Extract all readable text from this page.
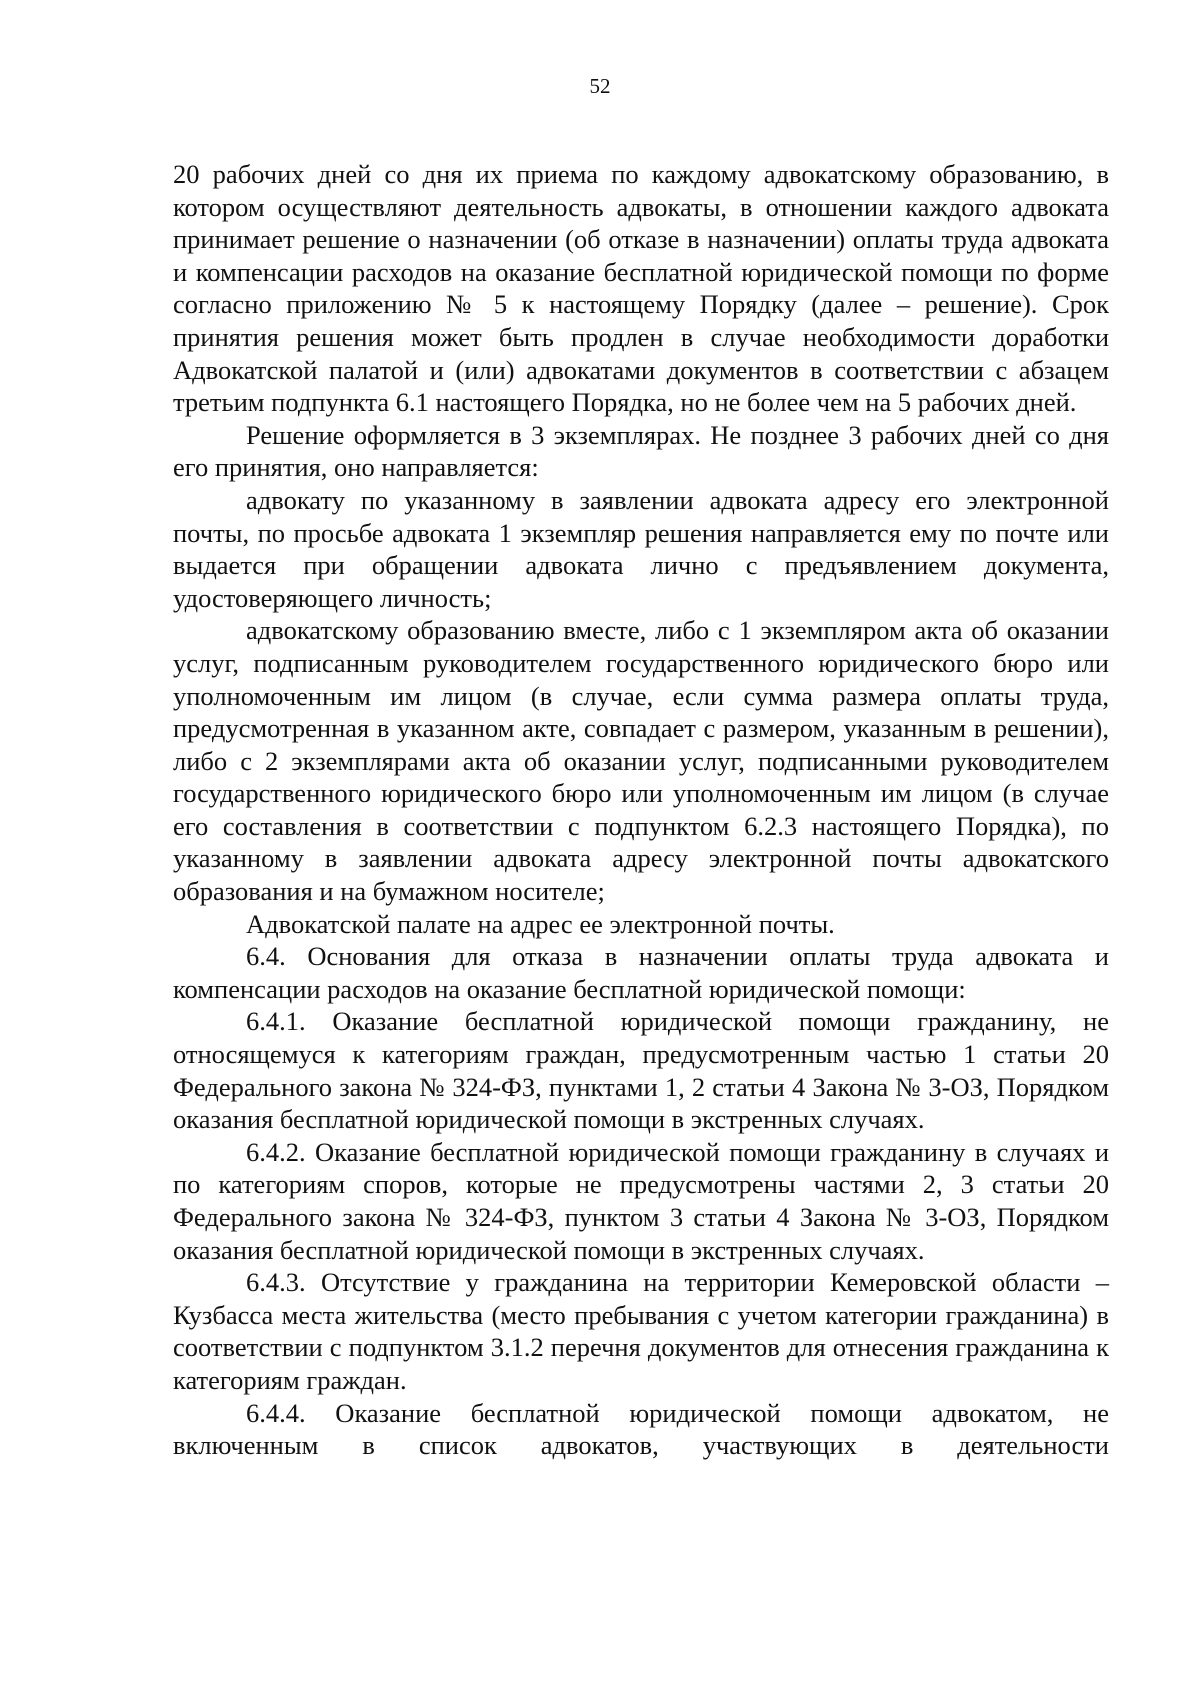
52

20 рабочих дней со дня их приема по каждому адвокатскому образованию, в котором осуществляют деятельность адвокаты, в отношении каждого адвоката принимает решение о назначении (об отказе в назначении) оплаты труда адвоката и компенсации расходов на оказание бесплатной юридической помощи по форме согласно приложению № 5 к настоящему Порядку (далее – решение). Срок принятия решения может быть продлен в случае необходимости доработки Адвокатской палатой и (или) адвокатами документов в соответствии с абзацем третьим подпункта 6.1 настоящего Порядка, но не более чем на 5 рабочих дней.

Решение оформляется в 3 экземплярах. Не позднее 3 рабочих дней со дня его принятия, оно направляется:

адвокату по указанному в заявлении адвоката адресу его электронной почты, по просьбе адвоката 1 экземпляр решения направляется ему по почте или выдается при обращении адвоката лично с предъявлением документа, удостоверяющего личность;

адвокатскому образованию вместе, либо с 1 экземпляром акта об оказании услуг, подписанным руководителем государственного юридического бюро или уполномоченным им лицом (в случае, если сумма размера оплаты труда, предусмотренная в указанном акте, совпадает с размером, указанным в решении), либо с 2 экземплярами акта об оказании услуг, подписанными руководителем государственного юридического бюро или уполномоченным им лицом (в случае его составления в соответствии с подпунктом 6.2.3 настоящего Порядка), по указанному в заявлении адвоката адресу электронной почты адвокатского образования и на бумажном носителе;

Адвокатской палате на адрес ее электронной почты.

6.4. Основания для отказа в назначении оплаты труда адвоката и компенсации расходов на оказание бесплатной юридической помощи:

6.4.1. Оказание бесплатной юридической помощи гражданину, не относящемуся к категориям граждан, предусмотренным частью 1 статьи 20 Федерального закона № 324-ФЗ, пунктами 1, 2 статьи 4 Закона № 3-ОЗ, Порядком оказания бесплатной юридической помощи в экстренных случаях.

6.4.2. Оказание бесплатной юридической помощи гражданину в случаях и по категориям споров, которые не предусмотрены частями 2, 3 статьи 20 Федерального закона № 324-ФЗ, пунктом 3 статьи 4 Закона № 3-ОЗ, Порядком оказания бесплатной юридической помощи в экстренных случаях.

6.4.3. Отсутствие у гражданина на территории Кемеровской области – Кузбасса места жительства (место пребывания с учетом категории гражданина) в соответствии с подпунктом 3.1.2 перечня документов для отнесения гражданина к категориям граждан.

6.4.4. Оказание бесплатной юридической помощи адвокатом, не включенным в список адвокатов, участвующих в деятельности
